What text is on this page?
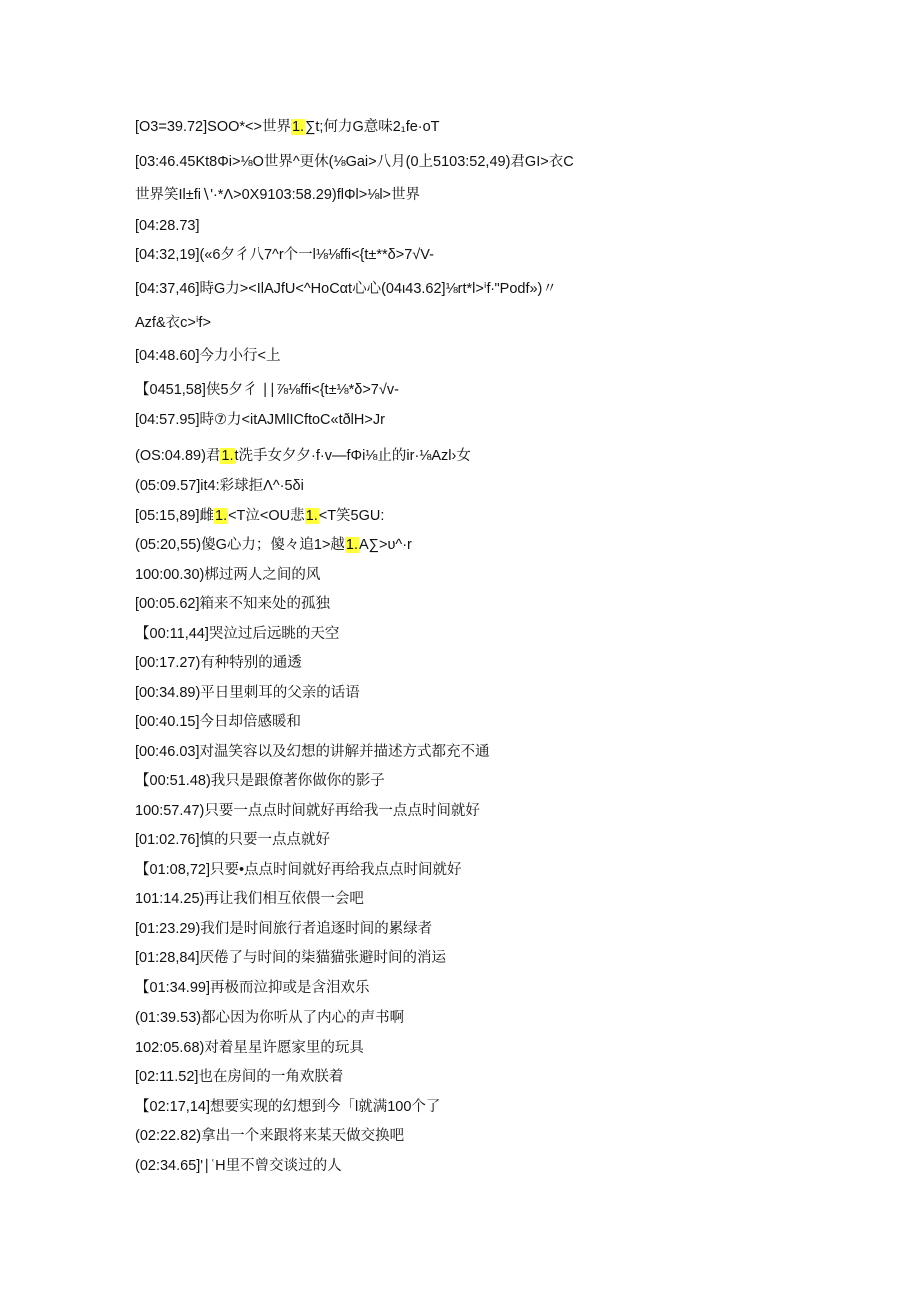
[O3=39.72]SOO*<>世界1.∑t;何力G意味2₁fe·oT
[03:46.45Kt8Φi>⅛O世界^更休(⅛Gai>八月(0上5103:52,49)君GI>衣C
世界笑Il±fi∖'·*Λ>0X9103:58.29)flΦl>⅛l>世界
[04:28.73]
[04:32,19](«6夕彳八7^r个一l⅛⅛ffi<{t±**δ>7√V-
[04:37,46]時G力><IlAJfU<^HoCαt心心(04ι43.62]⅛rt*l>ⁱf∙"Podf»)〃
Azf&衣c>ⁱf>
[04:48.60]今力小行<上
【0451,58]侠5夕彳 ∣∣⅞⅛ffi<{t±⅛*δ>7√v-
[04:57.95]時⑦力<itAJMlICftoC«tðlH>Jr
(OS:04.89)君1.t洗手女夕夕·f·v—fΦi⅛止的ir·⅛Azl›女
(05:09.57]it4:彩球拒Λ^·5δi
[05:15,89]雌1.<T泣<OU悲1.<T笑5GU:
(05:20,55)傻G心力；傻々追1>越1.A∑>υ^·r
100:00.30)梆过两人之间的风
[00:05.62]箱来不知来处的孤独
【00:11,44]哭泣过后远眺的天空
[00:17.27)有种特别的通透
[00:34.89)平日里刺耳的父亲的话语
[00:40.15]今日却倍感暖和
[00:46.03]对温笑容以及幻想的讲解并描述方式都充不通
【00:51.48)我只是跟僚著你做你的影子
100:57.47)只要一点点时间就好再给我一点点时间就好
[01:02.76]慎的只要一点点就好
【01:08,72]只要•点点时间就好再给我点点时间就好
101:14.25)再让我们相互依偎一会吧
[01:23.29)我们是时间旅行者追逐时间的累绿者
[01:28,84]厌倦了与时间的柒猫猫张避时间的消运
【01:34.99]再极而泣抑或是含泪欢乐
(01:39.53)都心因为你听从了内心的声书啊
102:05.68)对着星星许愿家里的玩具
[02:11.52]也在房间的一角欢朕着
【02:17,14]想要实现的幻想到今「l就满100个了
(02:22.82)拿出一个来跟将来某天做交换吧
(02:34.65]'∣ʿH里不曾交谈过的人
